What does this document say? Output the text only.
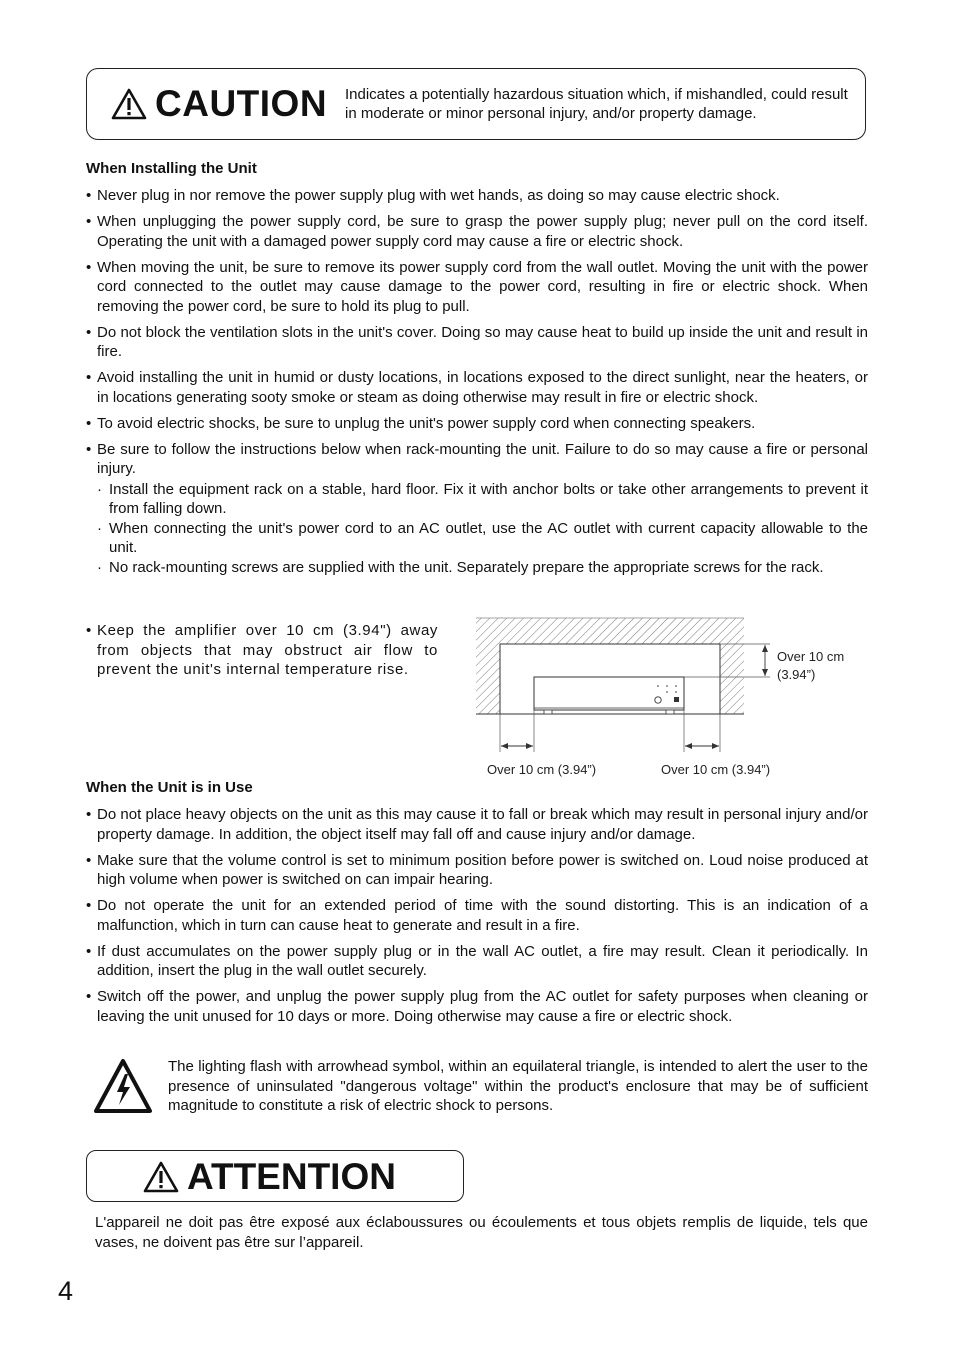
CAUTION Indicates a potentially hazardous situation which, if mishandled, could result in moderate or minor personal injury, and/or property damage.
When Installing the Unit
• Never plug in nor remove the power supply plug with wet hands, as doing so may cause electric shock.
• When unplugging the power supply cord, be sure to grasp the power supply plug; never pull on the cord itself. Operating the unit with a damaged power supply cord may cause a fire or electric shock.
• When moving the unit, be sure to remove its power supply cord from the wall outlet. Moving the unit with the power cord connected to the outlet may cause damage to the power cord, resulting in fire or electric shock. When removing the power cord, be sure to hold its plug to pull.
• Do not block the ventilation slots in the unit's cover. Doing so may cause heat to build up inside the unit and result in fire.
• Avoid installing the unit in humid or dusty locations, in locations exposed to the direct sunlight, near the heaters, or in locations generating sooty smoke or steam as doing otherwise may result in fire or electric shock.
• To avoid electric shocks, be sure to unplug the unit's power supply cord when connecting speakers.
• Be sure to follow the instructions below when rack-mounting the unit. Failure to do so may cause a fire or personal injury.
· Install the equipment rack on a stable, hard floor. Fix it with anchor bolts or take other arrangements to prevent it from falling down.
· When connecting the unit's power cord to an AC outlet, use the AC outlet with current capacity allowable to the unit.
· No rack-mounting screws are supplied with the unit. Separately prepare the appropriate screws for the rack.
• Keep the amplifier over 10 cm (3.94") away from objects that may obstruct air flow to prevent the unit's internal temperature rise.
Over 10 cm
(3.94”)
Over 10 cm (3.94”)	Over 10 cm (3.94”)
When the Unit is in Use
• Do not place heavy objects on the unit as this may cause it to fall or break which may result in personal injury and/or property damage. In addition, the object itself may fall off and cause injury and/or damage.
• Make sure that the volume control is set to minimum position before power is switched on. Loud noise produced at high volume when power is switched on can impair hearing.
• Do not operate the unit for an extended period of time with the sound distorting. This is an indication of a malfunction, which in turn can cause heat to generate and result in a fire.
• If dust accumulates on the power supply plug or in the wall AC outlet, a fire may result. Clean it periodically. In addition, insert the plug in the wall outlet securely.
• Switch off the power, and unplug the power supply plug from the AC outlet for safety purposes when cleaning or leaving the unit unused for 10 days or more. Doing otherwise may cause a fire or electric shock.
The lighting flash with arrowhead symbol, within an equilateral triangle, is intended to alert the user to the presence of uninsulated "dangerous voltage" within the product's enclosure that may be of sufficient magnitude to constitute a risk of electric shock to persons.
ATTENTION
L'appareil ne doit pas être exposé aux éclaboussures ou écoulements et tous objets remplis de liquide, tels que vases, ne doivent pas être sur l’appareil.
4
